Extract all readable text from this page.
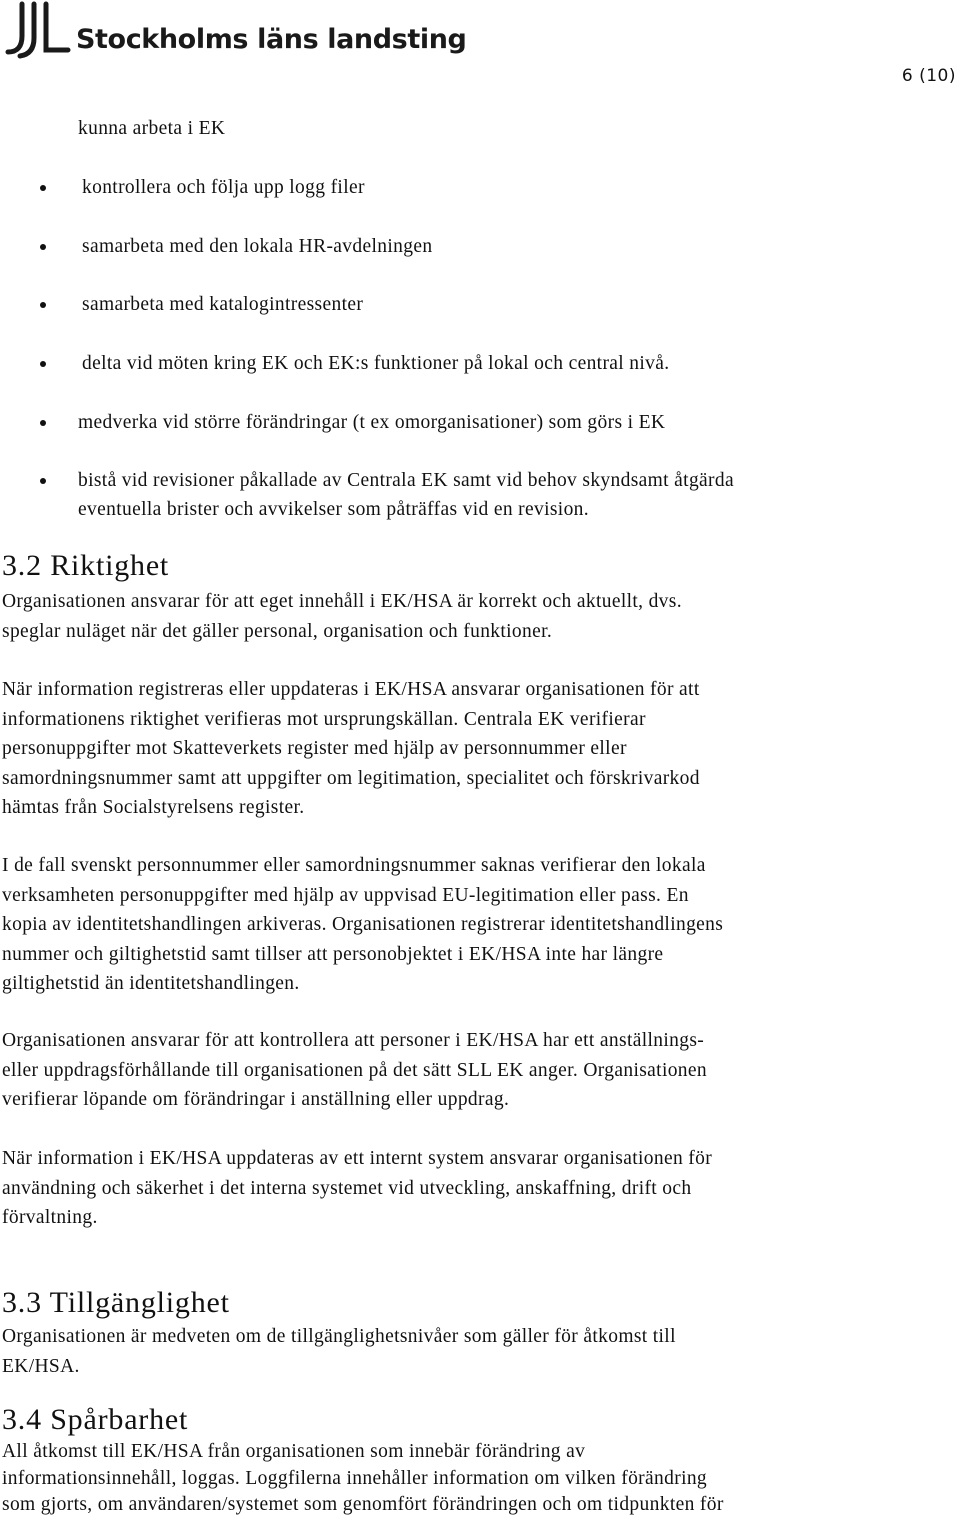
Stockholms läns landsting
6 (10)
kunna arbeta i EK
kontrollera och följa upp logg filer
samarbeta med den lokala HR-avdelningen
samarbeta med katalogintressenter
delta vid möten kring EK och EK:s funktioner på lokal och central nivå.
medverka vid större förändringar (t ex omorganisationer) som görs i EK
bistå vid revisioner påkallade av Centrala EK samt vid behov skyndsamt åtgärda
eventuella brister och avvikelser som påträffas vid en revision.
3.2 Riktighet
Organisationen ansvarar för att eget innehåll i EK/HSA är korrekt och aktuellt, dvs.
speglar nuläget när det gäller personal, organisation och funktioner.
När information registreras eller uppdateras i EK/HSA ansvarar organisationen för att
informationens riktighet verifieras mot ursprungskällan. Centrala EK verifierar
personuppgifter mot Skatteverkets register med hjälp av personnummer eller
samordningsnummer samt att uppgifter om legitimation, specialitet och förskrivarkod
hämtas från Socialstyrelsens register.
I de fall svenskt personnummer eller samordningsnummer saknas verifierar den lokala
verksamheten personuppgifter med hjälp av uppvisad EU-legitimation eller pass. En
kopia av identitetshandlingen arkiveras. Organisationen registrerar identitetshandlingens
nummer och giltighetstid samt tillser att personobjektet i EK/HSA inte har längre
giltighetstid än identitetshandlingen.
Organisationen ansvarar för att kontrollera att personer i EK/HSA har ett anställnings-
eller uppdragsförhållande till organisationen på det sätt SLL EK anger. Organisationen
verifierar löpande om förändringar i anställning eller uppdrag.
När information i EK/HSA uppdateras av ett internt system ansvarar organisationen för
användning och säkerhet i det interna systemet vid utveckling, anskaffning, drift och
förvaltning.
3.3 Tillgänglighet
Organisationen är medveten om de tillgänglighetsnivåer som gäller för åtkomst till
EK/HSA.
3.4 Spårbarhet
All åtkomst till EK/HSA från organisationen som innebär förändring av
informationsinnehåll, loggas. Loggfilerna innehåller information om vilken förändring
som gjorts, om användaren/systemet som genomfört förändringen och om tidpunkten för
